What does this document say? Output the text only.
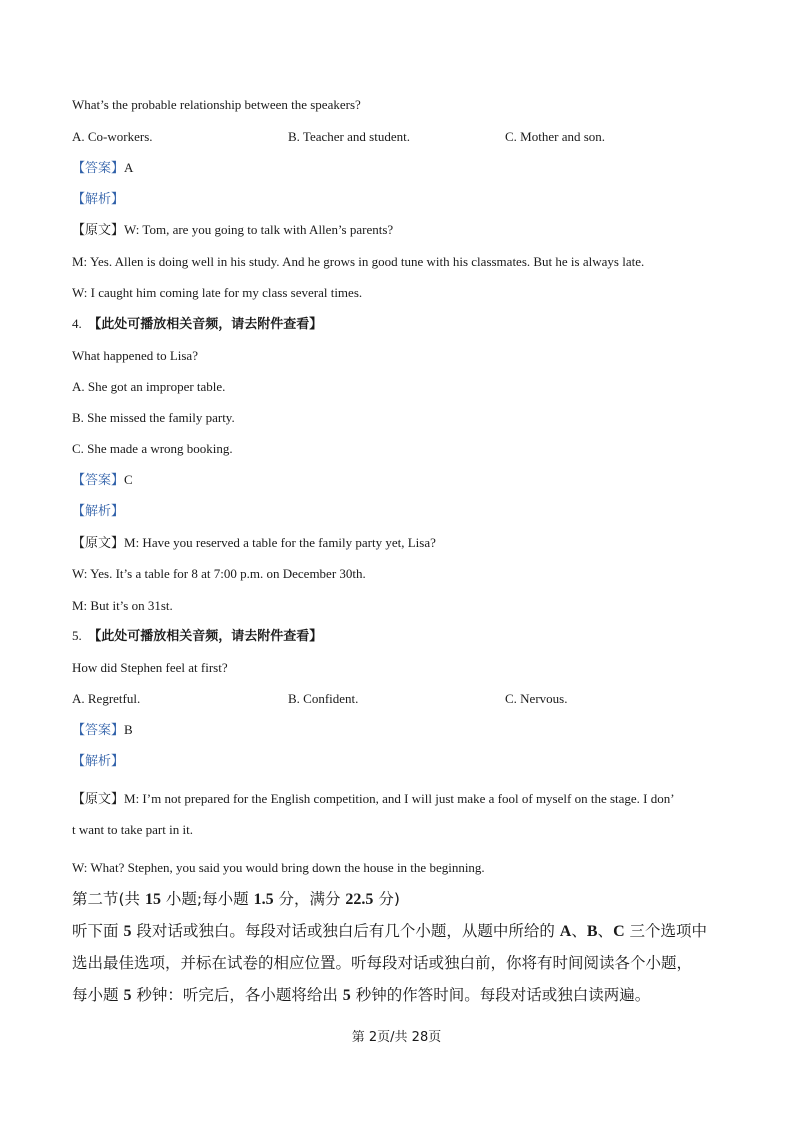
What’s the probable relationship between the speakers?
A. Co-workers.	B. Teacher and student.	C. Mother and son.
【答案】A
【解析】
【原文】W: Tom, are you going to talk with Allen’s parents?
M: Yes. Allen is doing well in his study. And he grows in good tune with his classmates. But he is always late.
W: I caught him coming late for my class several times.
4. 【此处可播放相关音频，请去附件查看】
What happened to Lisa?
A. She got an improper table.
B. She missed the family party.
C. She made a wrong booking.
【答案】C
【解析】
【原文】M: Have you reserved a table for the family party yet, Lisa?
W: Yes. It’s a table for 8 at 7:00 p.m. on December 30th.
M: But it’s on 31st.
5. 【此处可播放相关音频，请去附件查看】
How did Stephen feel at first?
A. Regretful.	B. Confident.	C. Nervous.
【答案】B
【解析】
【原文】M: I’m not prepared for the English competition, and I will just make a fool of myself on the stage. I don’
t want to take part in it.
W: What? Stephen, you said you would bring down the house in the beginning.
第二节(共 15 小题;每小题 1.5 分，满分 22.5 分)
听下面 5 段对话或独白。每段对话或独白后有几个小题，从题中所给的 A、B、C 三个选项中
选出最佳选项，并标在试卷的相应位置。听每段对话或独白前，你将有时间阅读各个小题，
每小题 5 秒钟：听完后，各小题将给出 5 秒钟的作答时间。每段对话或独白读两遍。
第 2页/共 28页
